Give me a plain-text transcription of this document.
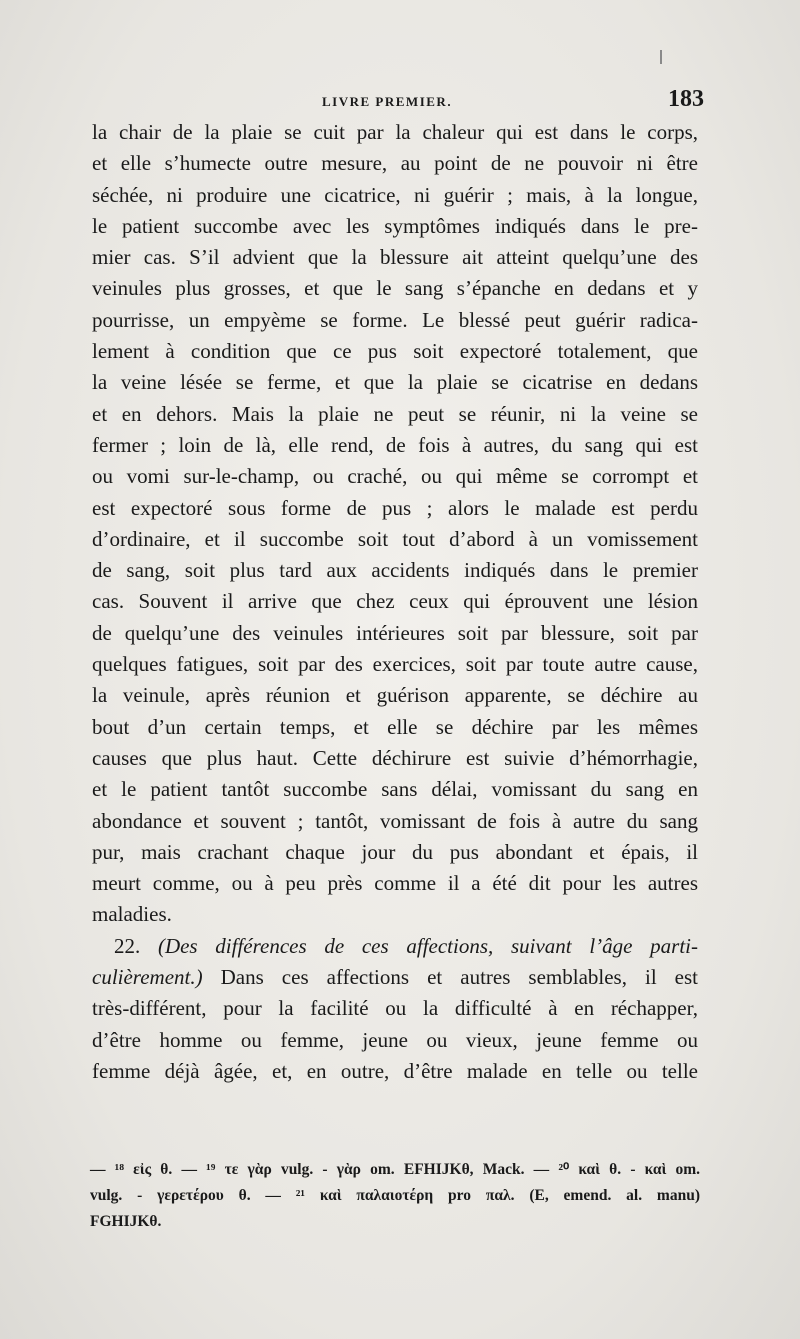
LIVRE PREMIER.	183
la chair de la plaie se cuit par la chaleur qui est dans le corps,
et elle s’humecte outre mesure, au point de ne pouvoir ni être
séchée, ni produire une cicatrice, ni guérir ; mais, à la longue,
le patient succombe avec les symptômes indiqués dans le pre-
mier cas. S’il advient que la blessure ait atteint quelqu’une des
veinules plus grosses, et que le sang s’épanche en dedans et y
pourrisse, un empyème se forme. Le blessé peut guérir radica-
lement à condition que ce pus soit expectoré totalement, que
la veine lésée se ferme, et que la plaie se cicatrise en dedans
et en dehors. Mais la plaie ne peut se réunir, ni la veine se
fermer ; loin de là, elle rend, de fois à autres, du sang qui est
ou vomi sur-le-champ, ou craché, ou qui même se corrompt et
est expectoré sous forme de pus ; alors le malade est perdu
d’ordinaire, et il succombe soit tout d’abord à un vomissement
de sang, soit plus tard aux accidents indiqués dans le premier
cas. Souvent il arrive que chez ceux qui éprouvent une lésion
de quelqu’une des veinules intérieures soit par blessure, soit par
quelques fatigues, soit par des exercices, soit par toute autre cause,
la veinule, après réunion et guérison apparente, se déchire au
bout d’un certain temps, et elle se déchire par les mêmes
causes que plus haut. Cette déchirure est suivie d’hémorrhagie,
et le patient tantôt succombe sans délai, vomissant du sang en
abondance et souvent ; tantôt, vomissant de fois à autre du sang
pur, mais crachant chaque jour du pus abondant et épais, il
meurt comme, ou à peu près comme il a été dit pour les autres
maladies.
22. (Des différences de ces affections, suivant l’âge parti-
culièrement.) Dans ces affections et autres semblables, il est
très-différent, pour la facilité ou la difficulté à en réchapper,
d’être homme ou femme, jeune ou vieux, jeune femme ou
femme déjà âgée, et, en outre, d’être malade en telle ou telle
— ¹⁸ εἰς θ. — ¹⁹ τε γὰρ vulg. - γὰρ om. EFHIJKθ, Mack. — ²⁰ καὶ θ. - καὶ om.
vulg. - γερετέρου θ. — ²¹ καὶ παλαιοτέρη pro παλ. (E, emend. al. manu)
FGHIJKθ.
